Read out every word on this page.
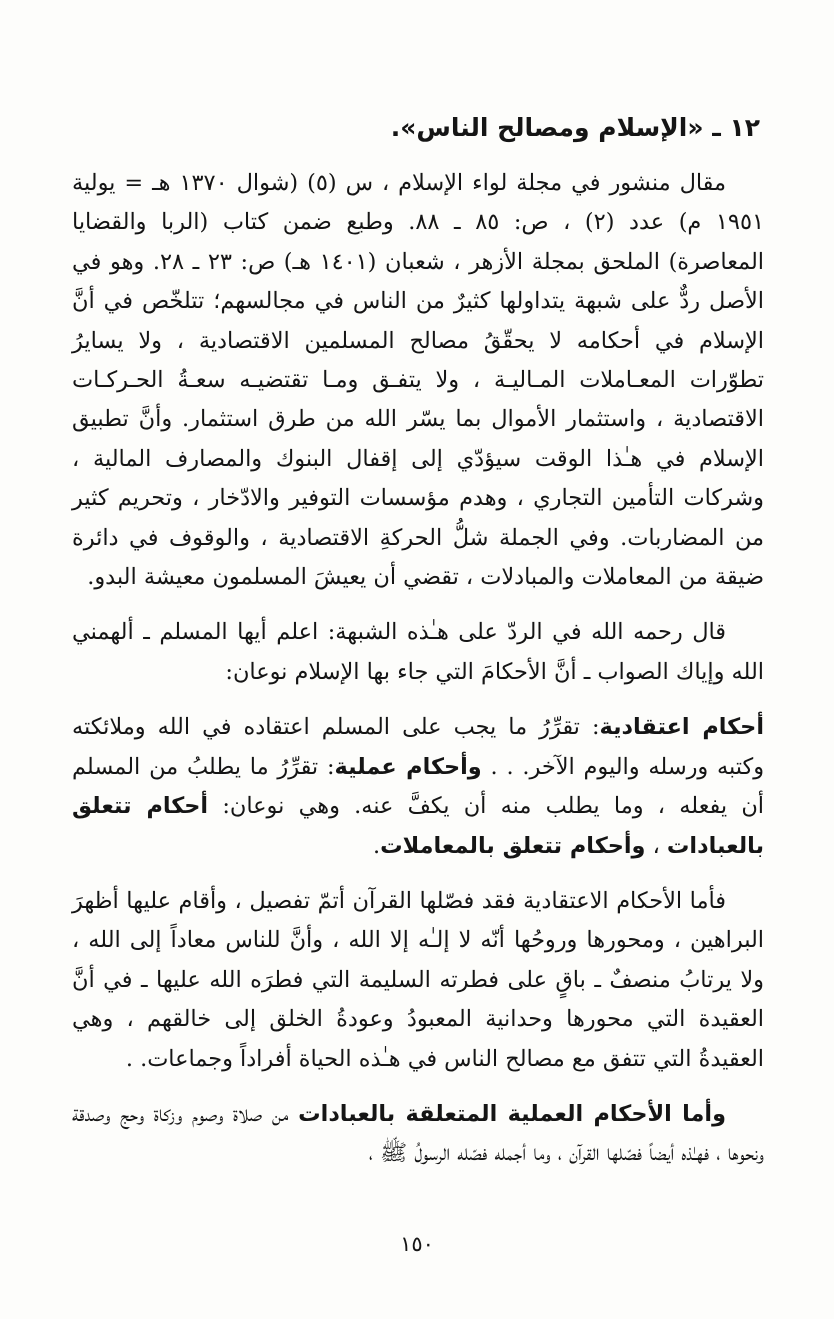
١٢ ـ «الإسلام ومصالح الناس».

مقال منشور في مجلة لواء الإسلام ، س (٥) (شوال ١٣٧٠ هـ = يولية ١٩٥١ م) عدد (٢) ، ص: ٨٥ ـ ٨٨. وطبع ضمن كتاب (الربا والقضايا المعاصرة) الملحق بمجلة الأزهر ، شعبان (١٤٠١ هـ) ص: ٢٣ ـ ٢٨. وهو في الأصل ردٌّ على شبهة يتداولها كثيرٌ من الناس في مجالسهم؛ تتلخّص في أنَّ الإسلام في أحكامه لا يحقّقُ مصالح المسلمين الاقتصادية ، ولا يسايرُ تطوّرات المعـاملات المـاليـة ، ولا يتفـق ومـا تقتضيـه سعـةُ الحـركـات الاقتصادية ، واستثمار الأموال بما يسّر الله من طرق استثمار. وأنَّ تطبيق الإسلام في هـٰذا الوقت سيؤدّي إلى إقفال البنوك والمصارف المالية ، وشركات التأمين التجاري ، وهدم مؤسسات التوفير والادّخار ، وتحريم كثير من المضاربات. وفي الجملة شلُّ الحركةِ الاقتصادية ، والوقوف في دائرة ضيقة من المعاملات والمبادلات ، تقضي أن يعيشَ المسلمون معيشة البدو.

قال رحمه الله في الردّ على هـٰذه الشبهة: اعلم أيها المسلم ـ ألهمني الله وإياك الصواب ـ أنَّ الأحكامَ التي جاء بها الإسلام نوعان:

أحكام اعتقادية: تقرِّرُ ما يجب على المسلم اعتقاده في الله وملائكته وكتبه ورسله واليوم الآخر. . . وأحكام عملية: تقرِّرُ ما يطلبُ من المسلم أن يفعله ، وما يطلب منه أن يكفَّ عنه. وهي نوعان: أحكام تتعلق بالعبادات ، وأحكام تتعلق بالمعاملات.

فأما الأحكام الاعتقادية فقد فصّلها القرآن أتمّ تفصيل ، وأقام عليها أظهرَ البراهين ، ومحورها وروحُها أنّه لا إلـٰه إلا الله ، وأنَّ للناس معاداً إلى الله ، ولا يرتابُ منصفٌ ـ باقٍ على فطرته السليمة التي فطرَه الله عليها ـ في أنَّ العقيدة التي محورها وحدانية المعبودُ وعودةُ الخلق إلى خالقهم ، وهي العقيدةُ التي تتفق مع مصالح الناس في هـٰذه الحياة أفراداً وجماعات. .

وأما الأحكام العملية المتعلقة بالعبادات من صلاة وصوم وزكاة وحج وصدقة ونحوها ، فهـٰذه أيضاً فصّلها القرآن ، وما أجمله فصّله الرسولُ ﷺ ،

١٥٠
